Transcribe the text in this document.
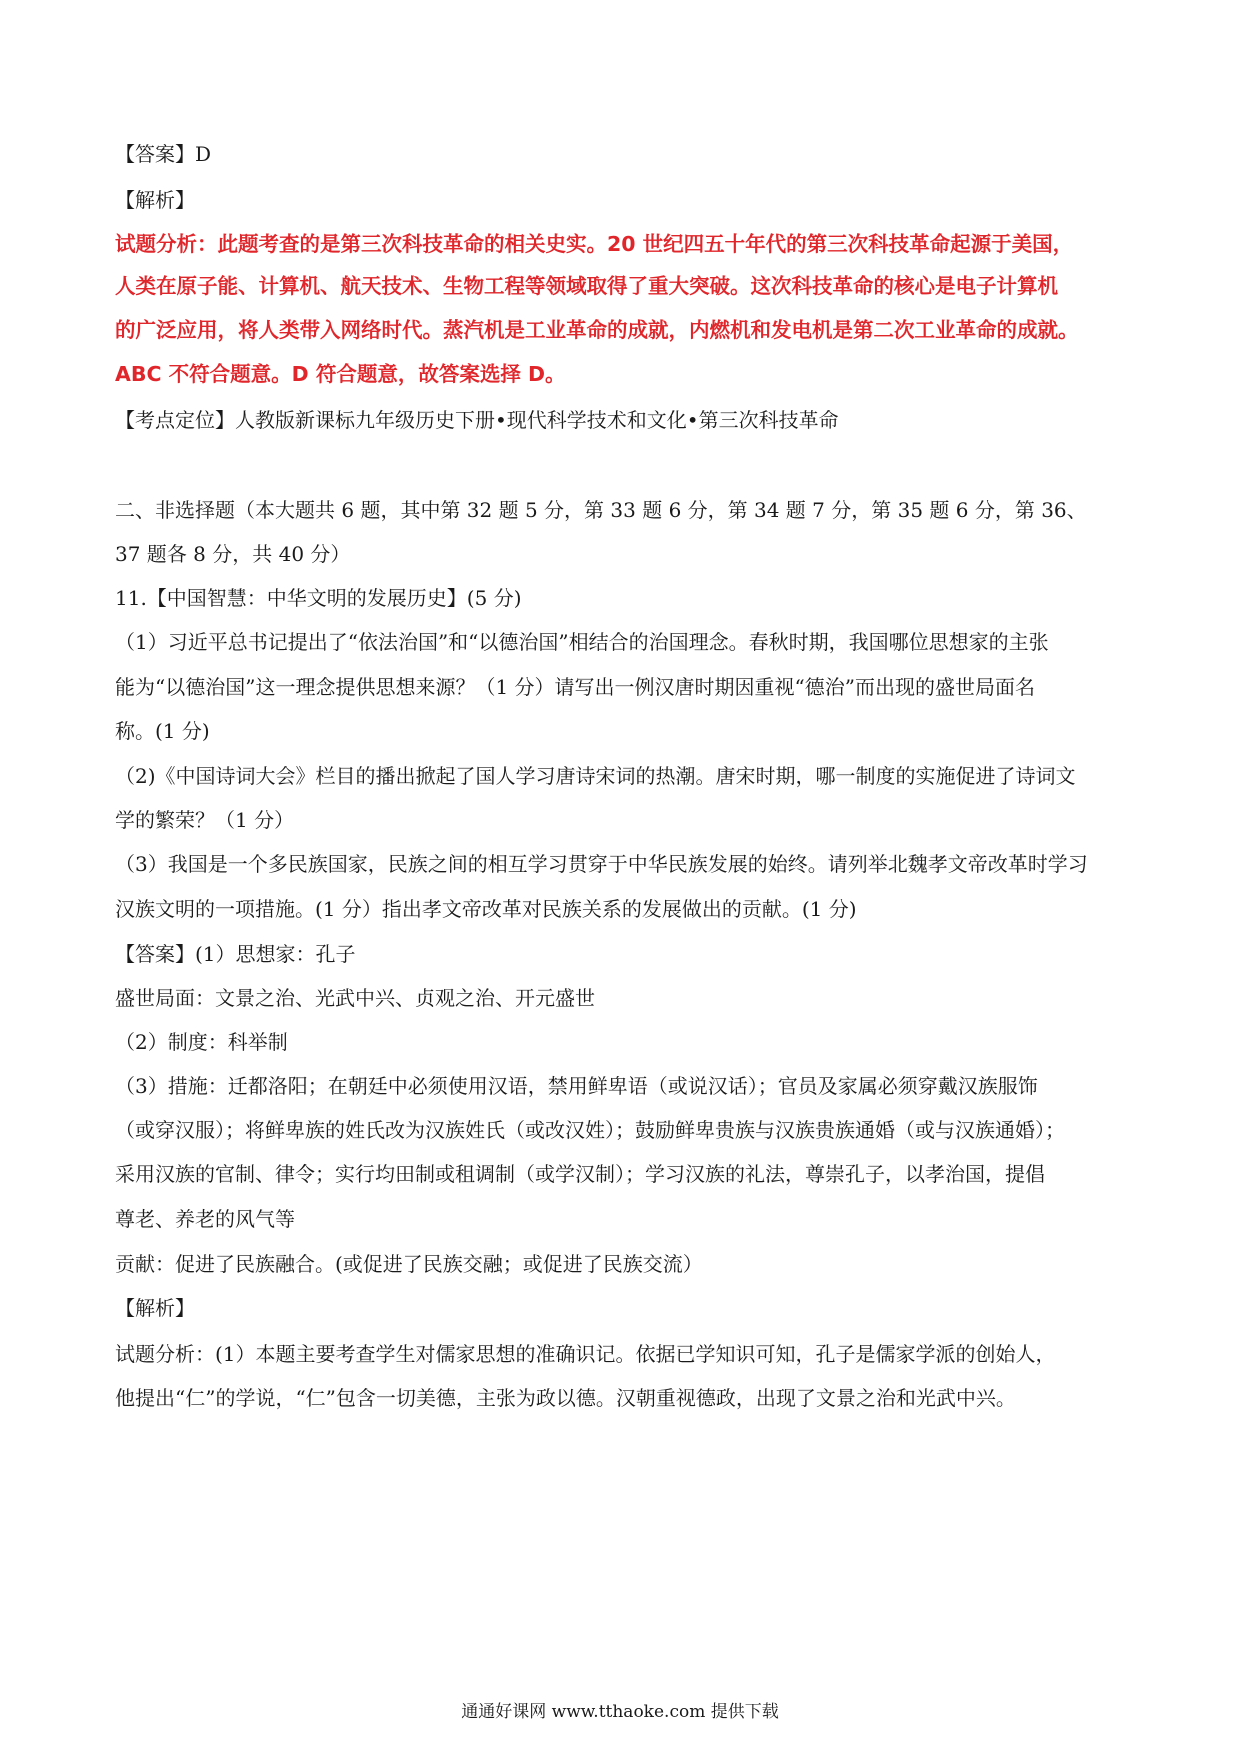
【答案】D
【解析】
试题分析：此题考查的是第三次科技革命的相关史实。20 世纪四五十年代的第三次科技革命起源于美国，
人类在原子能、计算机、航天技术、生物工程等领域取得了重大突破。这次科技革命的核心是电子计算机
的广泛应用，将人类带入网络时代。蒸汽机是工业革命的成就，内燃机和发电机是第二次工业革命的成就。
ABC 不符合题意。D 符合题意，故答案选择 D。
【考点定位】人教版新课标九年级历史下册•现代科学技术和文化•第三次科技革命
二、非选择题（本大题共 6 题，其中第 32 题 5 分，第 33 题 6 分，第 34 题 7 分，第 35 题 6 分，第 36、
37 题各 8 分，共 40 分）
11.【中国智慧：中华文明的发展历史】(5 分)
（1）习近平总书记提出了“依法治国”和“以德治国”相结合的治国理念。春秋时期，我国哪位思想家的主张
能为“以德治国”这一理念提供思想来源？（1 分）请写出一例汉唐时期因重视“德治”而出现的盛世局面名
称。(1 分)
（2)《中国诗词大会》栏目的播出掀起了国人学习唐诗宋词的热潮。唐宋时期，哪一制度的实施促进了诗词文
学的繁荣？（1 分）
（3）我国是一个多民族国家，民族之间的相互学习贯穿于中华民族发展的始终。请列举北魏孝文帝改革时学习
汉族文明的一项措施。(1 分）指出孝文帝改革对民族关系的发展做出的贡献。(1 分)
【答案】(1）思想家：孔子
盛世局面：文景之治、光武中兴、贞观之治、开元盛世
（2）制度：科举制
（3）措施：迁都洛阳；在朝廷中必须使用汉语，禁用鲜卑语（或说汉话）；官员及家属必须穿戴汉族服饰
（或穿汉服）；将鲜卑族的姓氏改为汉族姓氏（或改汉姓）；鼓励鲜卑贵族与汉族贵族通婚（或与汉族通婚）；
采用汉族的官制、律令；实行均田制或租调制（或学汉制）；学习汉族的礼法，尊崇孔子，以孝治国，提倡
尊老、养老的风气等
贡献：促进了民族融合。(或促进了民族交融；或促进了民族交流）
【解析】
试题分析：(1）本题主要考查学生对儒家思想的准确识记。依据已学知识可知，孔子是儒家学派的创始人，
他提出“仁”的学说，“仁”包含一切美德，主张为政以德。汉朝重视德政，出现了文景之治和光武中兴。
通通好课网 www.tthaoke.com 提供下载
